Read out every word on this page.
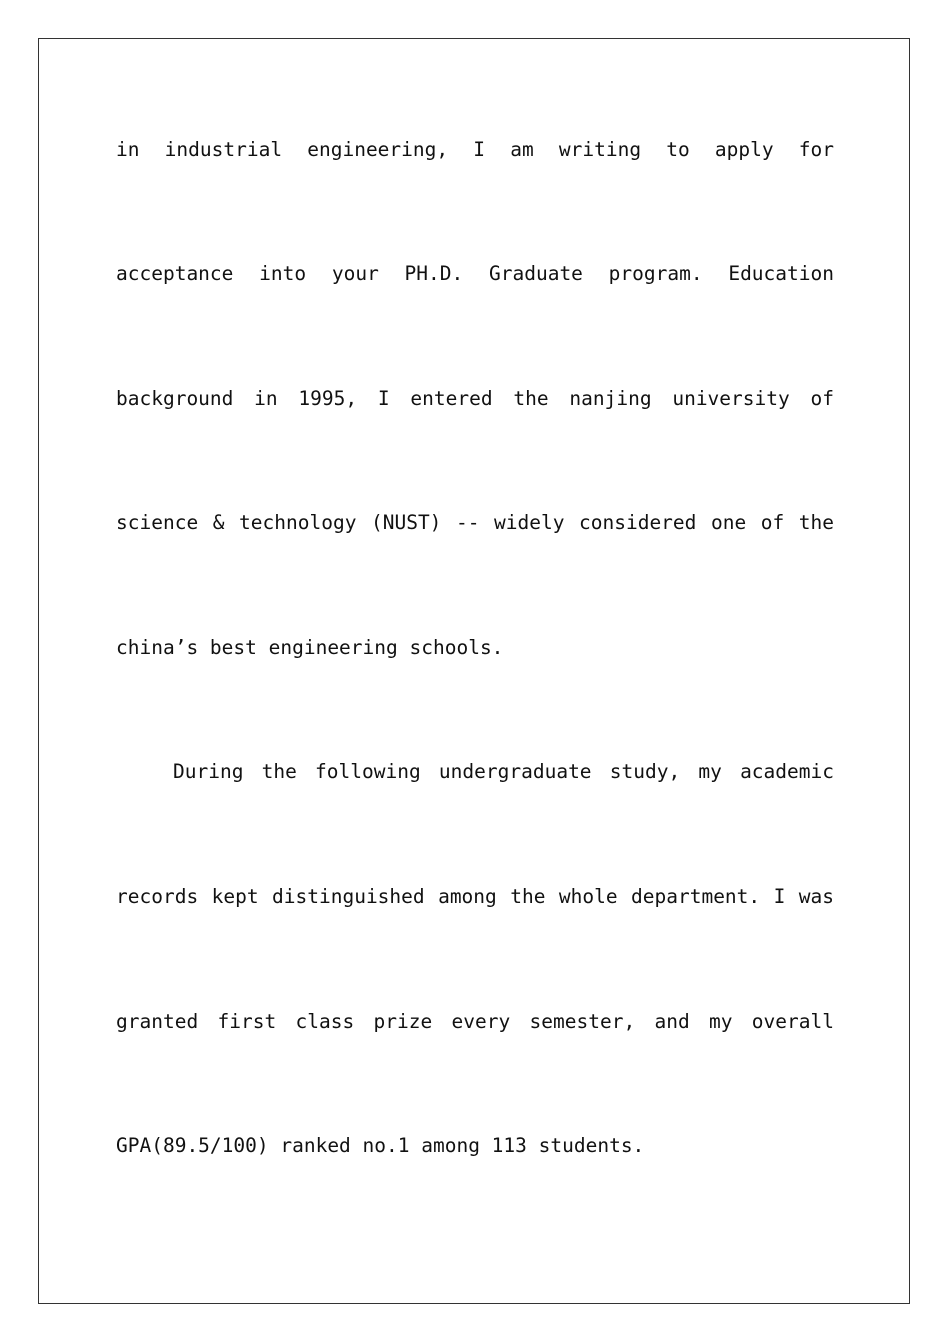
in industrial engineering, I am writing to apply for
acceptance into your PH.D. Graduate program. Education
background in 1995, I entered the nanjing university of
science & technology (NUST) -- widely considered one of the
china’s best engineering schools.
During the following undergraduate study, my academic
records kept distinguished among the whole department. I was
granted first class prize every semester, and my overall
GPA(89.5/100) ranked no.1 among 113 students.
